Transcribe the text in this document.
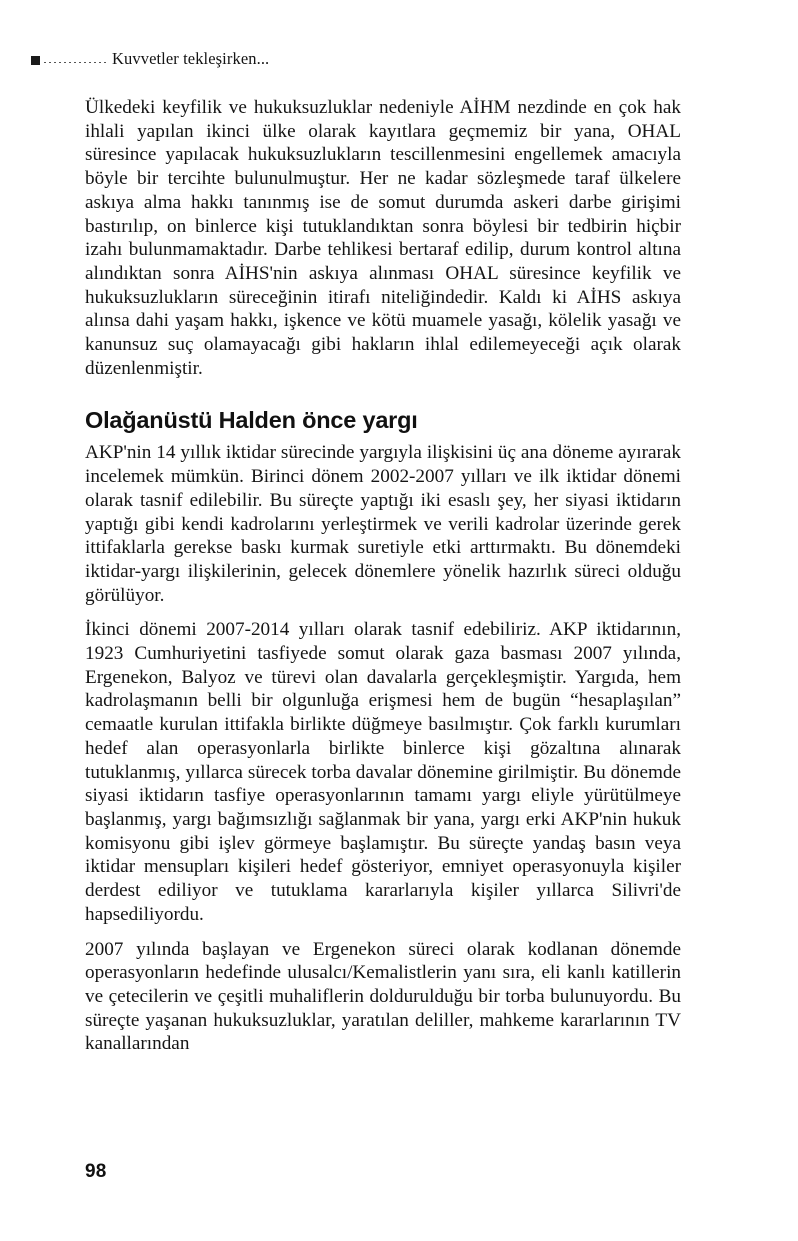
Kuvvetler tekleşirken...

Ülkedeki keyfilik ve hukuksuzluklar nedeniyle AİHM nezdinde en çok hak ihlali yapılan ikinci ülke olarak kayıtlara geçmemiz bir yana, OHAL süresince yapılacak hukuksuzlukların tescillenmesini engellemek amacıyla böyle bir tercihte bulunulmuştur. Her ne kadar sözleşmede taraf ülkelere askıya alma hakkı tanınmış ise de somut durumda askeri darbe girişimi bastırılıp, on binlerce kişi tutuklandıktan sonra böylesi bir tedbirin hiçbir izahı bulunmamaktadır. Darbe tehlikesi bertaraf edilip, durum kontrol altına alındıktan sonra AİHS'nin askıya alınması OHAL süresince keyfilik ve hukuksuzlukların süreceğinin itirafı niteliğindedir. Kaldı ki AİHS askıya alınsa dahi yaşam hakkı, işkence ve kötü muamele yasağı, kölelik yasağı ve kanunsuz suç olamayacağı gibi hakların ihlal edilemeyeceği açık olarak düzenlenmiştir.

Olağanüstü Halden önce yargı

AKP'nin 14 yıllık iktidar sürecinde yargıyla ilişkisini üç ana döneme ayırarak incelemek mümkün. Birinci dönem 2002-2007 yılları ve ilk iktidar dönemi olarak tasnif edilebilir. Bu süreçte yaptığı iki esaslı şey, her siyasi iktidarın yaptığı gibi kendi kadrolarını yerleştirmek ve verili kadrolar üzerinde gerek ittifaklarla gerekse baskı kurmak suretiyle etki arttırmaktı. Bu dönemdeki iktidar-yargı ilişkilerinin, gelecek dönemlere yönelik hazırlık süreci olduğu görülüyor.

İkinci dönemi 2007-2014 yılları olarak tasnif edebiliriz. AKP iktidarının, 1923 Cumhuriyetini tasfiyede somut olarak gaza basması 2007 yılında, Ergenekon, Balyoz ve türevi olan davalarla gerçekleşmiştir. Yargıda, hem kadrolaşmanın belli bir olgunluğa erişmesi hem de bugün “hesaplaşılan” cemaatle kurulan ittifakla birlikte düğmeye basılmıştır. Çok farklı kurumları hedef alan operasyonlarla birlikte binlerce kişi gözaltına alınarak tutuklanmış, yıllarca sürecek torba davalar dönemine girilmiştir. Bu dönemde siyasi iktidarın tasfiye operasyonlarının tamamı yargı eliyle yürütülmeye başlanmış, yargı bağımsızlığı sağlanmak bir yana, yargı erki AKP'nin hukuk komisyonu gibi işlev görmeye başlamıştır. Bu süreçte yandaş basın veya iktidar mensupları kişileri hedef gösteriyor, emniyet operasyonuyla kişiler derdest ediliyor ve tutuklama kararlarıyla kişiler yıllarca Silivri'de hapsediliyordu.

2007 yılında başlayan ve Ergenekon süreci olarak kodlanan dönemde operasyonların hedefinde ulusalcı/Kemalistlerin yanı sıra, eli kanlı katillerin ve çetecilerin ve çeşitli muhaliflerin doldurulduğu bir torba bulunuyordu. Bu süreçte yaşanan hukuksuzluklar, yaratılan deliller, mahkeme kararlarının TV kanallarından

98
